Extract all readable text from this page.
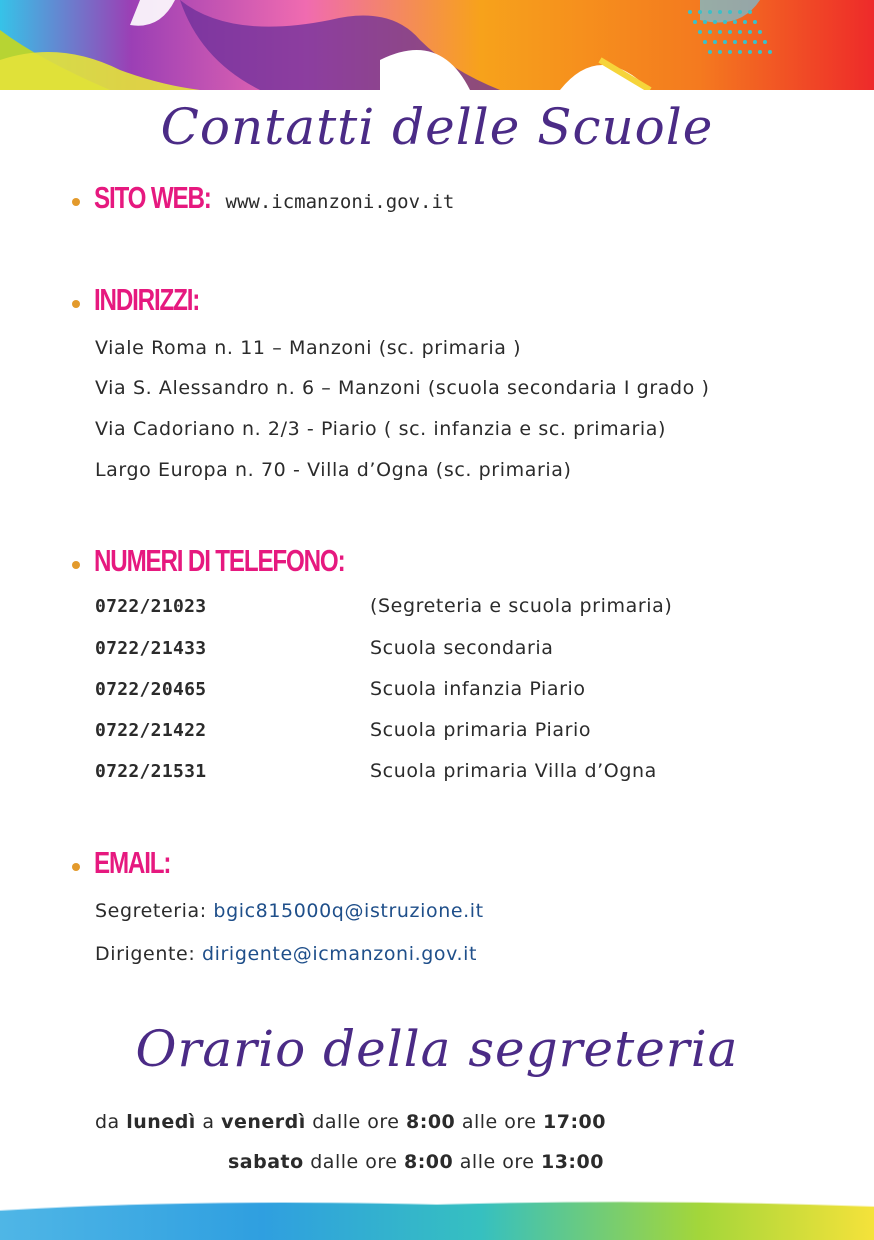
Contatti delle Scuole
SITO WEB: www.icmanzoni.gov.it
INDIRIZZI:
Viale Roma n. 11 – Manzoni (sc. primaria )
Via S. Alessandro n. 6 – Manzoni (scuola secondaria I grado )
Via Cadoriano n. 2/3 - Piario ( sc. infanzia e sc. primaria)
Largo Europa n. 70 - Villa d’Ogna (sc. primaria)
NUMERI DI TELEFONO:
0722/21023	(Segreteria e scuola primaria)
0722/21433	Scuola secondaria
0722/20465	Scuola infanzia Piario
0722/21422	Scuola primaria Piario
0722/21531	Scuola primaria Villa d’Ogna
EMAIL:
Segreteria: bgic815000q@istruzione.it
Dirigente: dirigente@icmanzoni.gov.it
Orario della segreteria
da lunedì a venerdì dalle ore 8:00 alle ore 17:00
sabato dalle ore 8:00 alle ore 13:00
